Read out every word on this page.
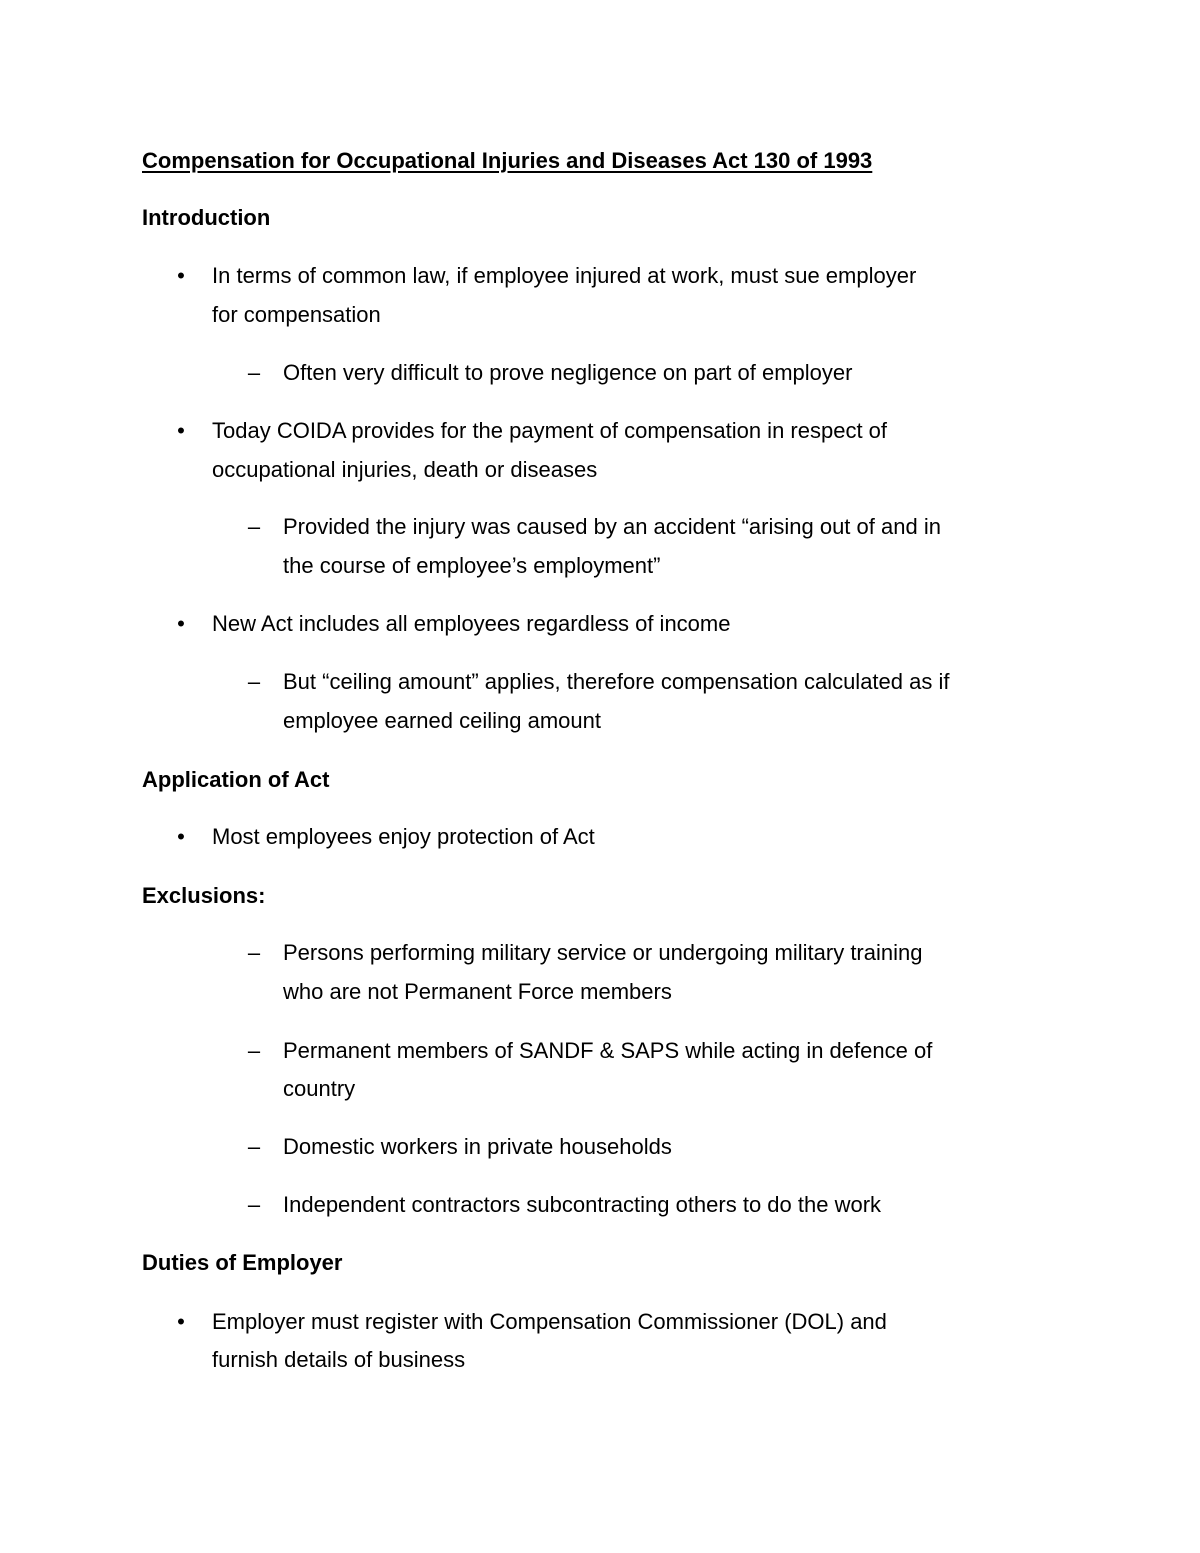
Compensation for Occupational Injuries and Diseases Act 130 of 1993
Introduction
• In terms of common law, if employee injured at work, must sue employer
for compensation
– Often very difficult to prove negligence on part of employer
• Today COIDA provides for the payment of compensation in respect of
occupational injuries, death or diseases
– Provided the injury was caused by an accident “arising out of and in
the course of employee’s employment”
• New Act includes all employees regardless of income
– But “ceiling amount” applies, therefore compensation calculated as if
employee earned ceiling amount
Application of Act
• Most employees enjoy protection of Act
Exclusions:
– Persons performing military service or undergoing military training
who are not Permanent Force members
– Permanent members of SANDF & SAPS while acting in defence of
country
– Domestic workers in private households
– Independent contractors subcontracting others to do the work
Duties of Employer
• Employer must register with Compensation Commissioner (DOL) and
furnish details of business
